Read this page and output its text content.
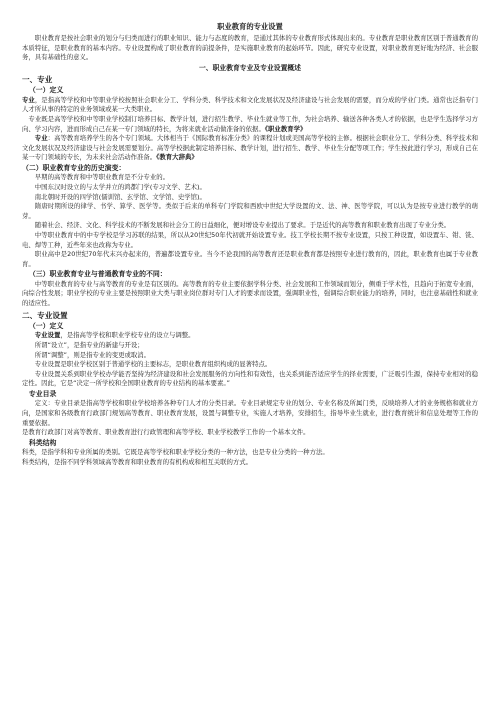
职业教育的专业设置

职业教育是按社会职业的划分与归类而进行的职业知识、能力与态度的教育，是通过其体的专业教育形式体现出来的。专业教育是职业教育区别于普通教育的本质特征，是职业教育的基本内容。专业设置构成了职业教育的前提条件，是实施职业教育的起始环节。因此，研究专业设置，对职业教育更好地为经济、社会服务，具有基础性的意义。

一、职业教育专业及专业设置概述
一、专业
（一）定义

专业，是指高等学校和中等职业学校按照社会职业分工、学科分类、科学技术和文化发展状况及经济建设与社会发展的需要，而分成的学业门类。通常也泛指专门人才所从事的特定的业务领域或某一大类职业。

专业既是高等学校和中等职业学校制订培养目标、教学计划，进行招生教学、毕业生就业等工作，为社会培养、输送各种各类人才的依据，也是学生选择学习方向、学习内容，进而形成自己在某一专门领域的特长，为将来就业活动做准备的依据。《职业教育学》

专业：高等教育培养学生的各个专门领域。大体相当于《国际教育标准分类》的课程计划或美国高等学校的主修。根据社会职业分工、学科分类、科学技术和文化发展状况及经济建设与社会发展需要划分。高等学校据此制定培养目标、教学计划，进行招生、教学、毕业生分配等项工作；学生按此进行学习，形成自己在某一专门领域的专长，为未来社会活动作准备。《教育大辞典》

（二）职业教育专业的历史演变：

早期的高等教育和中等职业教育是不分专业的。

中国东汉时设立的与太学并立的鸿都门学(专习文学、艺术)。

南北朝时开设的四学馆(儒训馆、玄学馆、文学馆、史学馆)。

隋唐时期所设的律学、书学、算学、医学等。类似于后来的单科专门学院和西欧中世纪大学设置的文、法、神、医等学院，可以认为是按专业进行教学的萌芽。

随着社会、经济、文化、科学技术的不断发展和社会分工的日益细化，便对增设专业提出了要求。于是近代的高等教育和职业教育出现了专业分类。

中等职业教育中的中专学校是学习苏联的结果，所以从20世纪50年代初就开始设置专业。技工学校长期不按专业设置，只按工种设置，如设置车、钳、铣、电、焊等工种，近些年来也改称为专业。

职业高中是20世纪70年代末兴办起来的，普遍都设置专业。当今不论我国的高等教育还是职业教育都是按照专业进行教育的，因此，职业教育也属于专业教育。

（三）职业教育专业与普通教育专业的不同：

中等职业教育的专业与高等教育的专业是有区别的。高等教育的专业主要依据学科分类、社会发展和工作领域而划分，侧重于学术性，且趋向于拓宽专业面，向综合性发展；职业学校的专业主要是按照职业大类与职业岗位群对专门人才的要求而设置，强调职业性，强调综合职业能力的培养，同时，也注意基础性和就业的适应性。

二、专业设置
（一）定义

专业设置，是指高等学校和职业学校专业的设立与调整。

所谓“设立”，是指专业的新建与开设；

所谓“调整”，则是指专业的变更或取消。

专业设置是职业学校区别于普通学校的主要标志，是职业教育组织构成的显著特点。

专业设置关系到职业学校办学能否坚持为经济建设和社会发展服务的方向性和有效性，也关系到能否适应学生的择业需要，广泛吸引生源，保持专业相对的稳定性。因此，它是“决定一所学校和全国职业教育的专业结构的基本要素。”

专业目录

定义：专业目录是指高等学校和职业学校培养各种专门人才的分类目录。专业目录规定专业的划分、专业名称及所属门类，反映培养人才的业务规格和就业方向，是国家和各级教育行政部门规划高等教育、职业教育发展，设置与调整专业，实施人才培养，安排招生，指导毕业生就业，进行教育统计和信息处理等工作的重要依据。

是教育行政部门对高等教育、职业教育进行行政管理和高等学校、职业学校教学工作的一个基本文件。

科类结构

科类，是指学科和专业所属的类别。它既是高等学校和职业学校分类的一种方法，也是专业分类的一种方法。

科类结构，是指不同学科领域高等教育和职业教育的有机构成和相互关联的方式。
